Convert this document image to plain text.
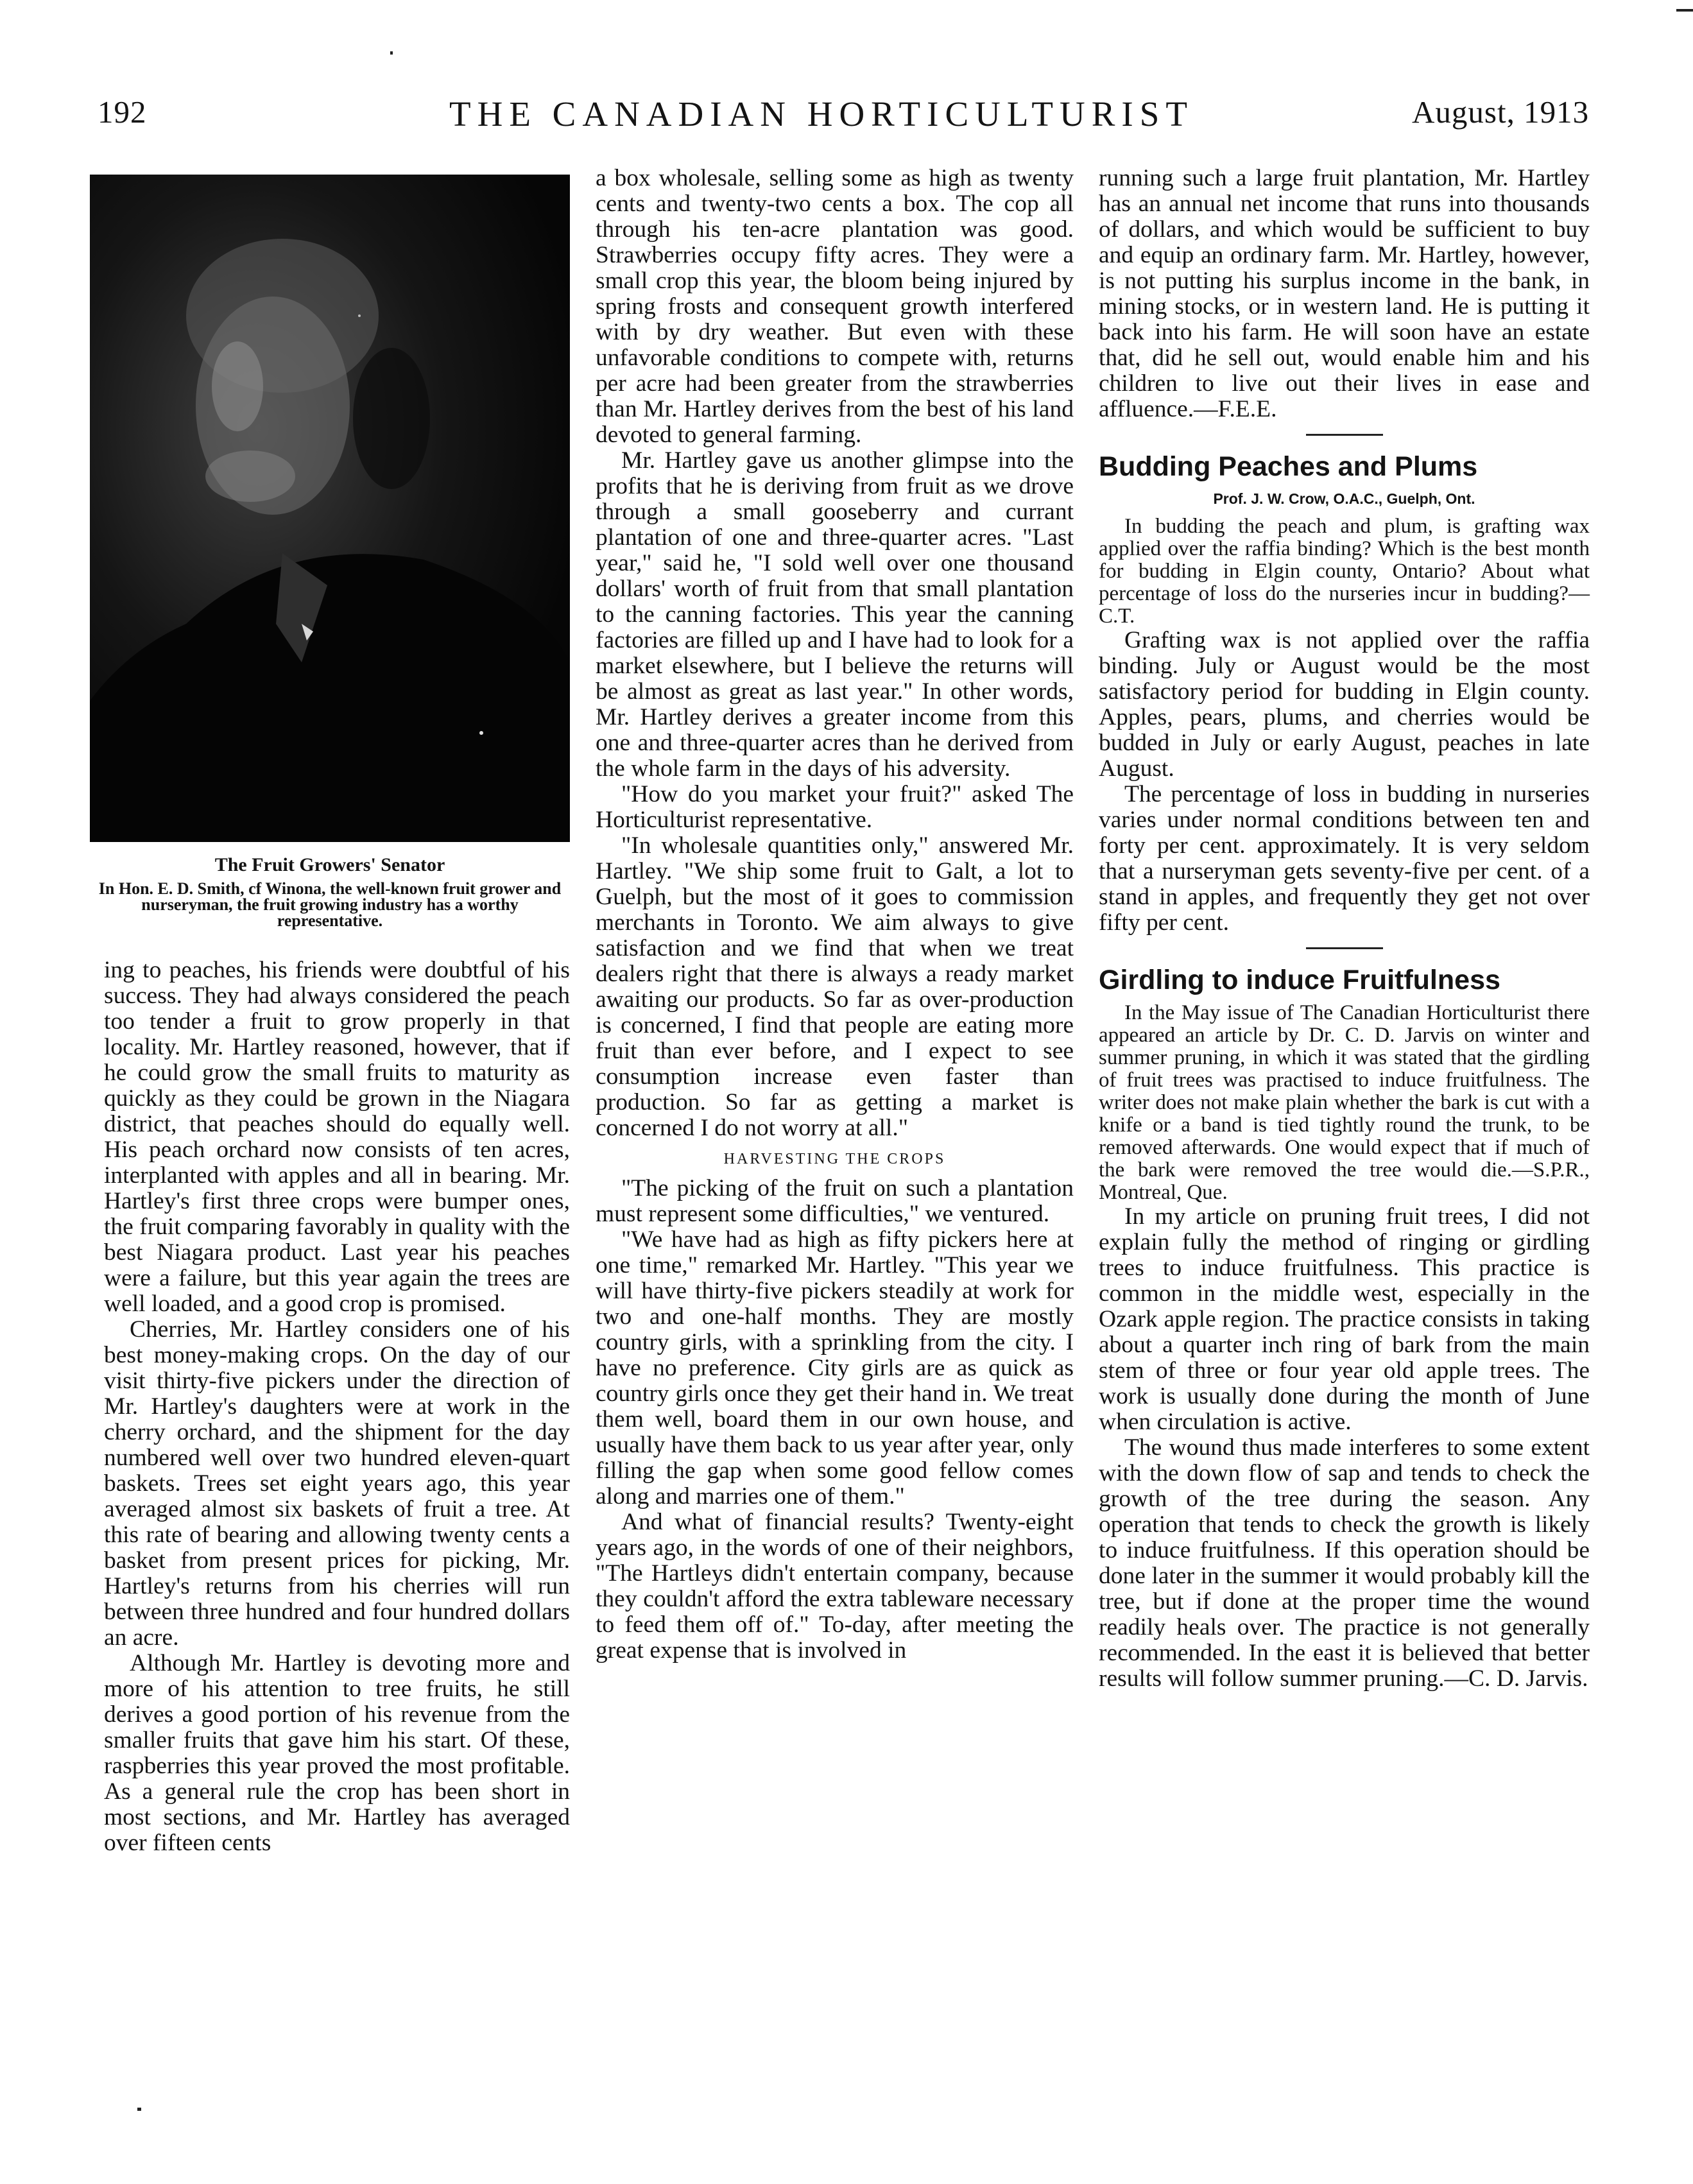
192	THE CANADIAN HORTICULTURIST	August, 1913
The Fruit Growers' Senator
In Hon. E. D. Smith, cf Winona, the well-known fruit grower and nurseryman, the fruit growing industry has a worthy representative.

ing to peaches, his friends were doubtful of his success. They had always considered the peach too tender a fruit to grow properly in that locality. Mr. Hartley reasoned, however, that if he could grow the small fruits to maturity as quickly as they could be grown in the Niagara district, that peaches should do equally well. His peach orchard now consists of ten acres, interplanted with apples and all in bearing. Mr. Hartley's first three crops were bumper ones, the fruit comparing favorably in quality with the best Niagara product. Last year his peaches were a failure, but this year again the trees are well loaded, and a good crop is promised.

Cherries, Mr. Hartley considers one of his best money-making crops. On the day of our visit thirty-five pickers under the direction of Mr. Hartley's daughters were at work in the cherry orchard, and the shipment for the day numbered well over two hundred eleven-quart baskets. Trees set eight years ago, this year averaged almost six baskets of fruit a tree. At this rate of bearing and allowing twenty cents a basket from present prices for picking, Mr. Hartley's returns from his cherries will run between three hundred and four hundred dollars an acre.

Although Mr. Hartley is devoting more and more of his attention to tree fruits, he still derives a good portion of his revenue from the smaller fruits that gave him his start. Of these, raspberries this year proved the most profitable. As a general rule the crop has been short in most sections, and Mr. Hartley has averaged over fifteen cents

a box wholesale, selling some as high as twenty cents and twenty-two cents a box. The cop all through his ten-acre plantation was good. Strawberries occupy fifty acres. They were a small crop this year, the bloom being injured by spring frosts and consequent growth interfered with by dry weather. But even with these unfavorable conditions to compete with, returns per acre had been greater from the strawberries than Mr. Hartley derives from the best of his land devoted to general farming.

Mr. Hartley gave us another glimpse into the profits that he is deriving from fruit as we drove through a small gooseberry and currant plantation of one and three-quarter acres. "Last year," said he, "I sold well over one thousand dollars' worth of fruit from that small plantation to the canning factories. This year the canning factories are filled up and I have had to look for a market elsewhere, but I believe the returns will be almost as great as last year." In other words, Mr. Hartley derives a greater income from this one and three-quarter acres than he derived from the whole farm in the days of his adversity.

"How do you market your fruit?" asked The Horticulturist representative.

"In wholesale quantities only," answered Mr. Hartley. "We ship some fruit to Galt, a lot to Guelph, but the most of it goes to commission merchants in Toronto. We aim always to give satisfaction and we find that when we treat dealers right that there is always a ready market awaiting our products. So far as over-production is concerned, I find that people are eating more fruit than ever before, and I expect to see consumption increase even faster than production. So far as getting a market is concerned I do not worry at all."

HARVESTING THE CROPS

"The picking of the fruit on such a plantation must represent some difficulties," we ventured.

"We have had as high as fifty pickers here at one time," remarked Mr. Hartley. "This year we will have thirty-five pickers steadily at work for two and one-half months. They are mostly country girls, with a sprinkling from the city. I have no preference. City girls are as quick as country girls once they get their hand in. We treat them well, board them in our own house, and usually have them back to us year after year, only filling the gap when some good fellow comes along and marries one of them."

And what of financial results? Twenty-eight years ago, in the words of one of their neighbors, "The Hartleys didn't entertain company, because they couldn't afford the extra tableware necessary to feed them off of." To-day, after meeting the great expense that is involved in

running such a large fruit plantation, Mr. Hartley has an annual net income that runs into thousands of dollars, and which would be sufficient to buy and equip an ordinary farm. Mr. Hartley, however, is not putting his surplus income in the bank, in mining stocks, or in western land. He is putting it back into his farm. He will soon have an estate that, did he sell out, would enable him and his children to live out their lives in ease and affluence.—F.E.E.

Budding Peaches and Plums
Prof. J. W. Crow, O.A.C., Guelph, Ont.

In budding the peach and plum, is grafting wax applied over the raffia binding? Which is the best month for budding in Elgin county, Ontario? About what percentage of loss do the nurseries incur in budding?—C.T.

Grafting wax is not applied over the raffia binding. July or August would be the most satisfactory period for budding in Elgin county. Apples, pears, plums, and cherries would be budded in July or early August, peaches in late August.

The percentage of loss in budding in nurseries varies under normal conditions between ten and forty per cent. approximately. It is very seldom that a nurseryman gets seventy-five per cent. of a stand in apples, and frequently they get not over fifty per cent.

Girdling to induce Fruitfulness

In the May issue of The Canadian Horticulturist there appeared an article by Dr. C. D. Jarvis on winter and summer pruning, in which it was stated that the girdling of fruit trees was practised to induce fruitfulness. The writer does not make plain whether the bark is cut with a knife or a band is tied tightly round the trunk, to be removed afterwards. One would expect that if much of the bark were removed the tree would die.—S.P.R., Montreal, Que.

In my article on pruning fruit trees, I did not explain fully the method of ringing or girdling trees to induce fruitfulness. This practice is common in the middle west, especially in the Ozark apple region. The practice consists in taking about a quarter inch ring of bark from the main stem of three or four year old apple trees. The work is usually done during the month of June when circulation is active.

The wound thus made interferes to some extent with the down flow of sap and tends to check the growth of the tree during the season. Any operation that tends to check the growth is likely to induce fruitfulness. If this operation should be done later in the summer it would probably kill the tree, but if done at the proper time the wound readily heals over. The practice is not generally recommended. In the east it is believed that better results will follow summer pruning.—C. D. Jarvis.
